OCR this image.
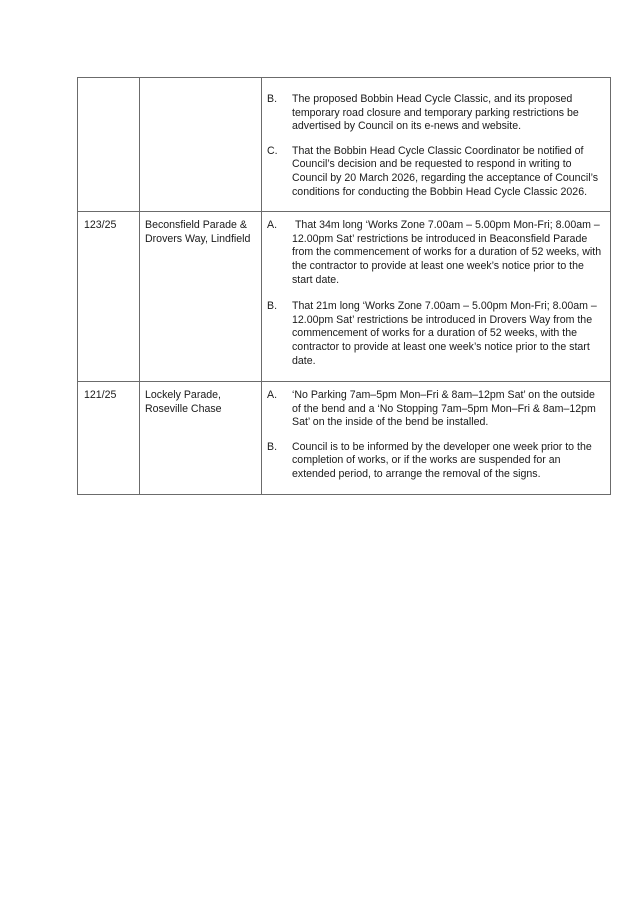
		B. The proposed Bobbin Head Cycle Classic, and its proposed temporary road closure and temporary parking restrictions be advertised by Council on its e-news and website.
C. That the Bobbin Head Cycle Classic Coordinator be notified of Council’s decision and be requested to respond in writing to Council by 20 March 2026, regarding the acceptance of Council’s conditions for conducting the Bobbin Head Cycle Classic 2026.

123/25	Beconsfield Parade & Drovers Way, Lindfield	A. That 34m long ‘Works Zone 7.00am – 5.00pm Mon-Fri; 8.00am – 12.00pm Sat’ restrictions be introduced in Beaconsfield Parade from the commencement of works for a duration of 52 weeks, with the contractor to provide at least one week’s notice prior to the start date.
B. That 21m long ‘Works Zone 7.00am – 5.00pm Mon-Fri; 8.00am – 12.00pm Sat’ restrictions be introduced in Drovers Way from the commencement of works for a duration of 52 weeks, with the contractor to provide at least one week’s notice prior to the start date.

121/25	Lockely Parade, Roseville Chase	A. ‘No Parking 7am–5pm Mon–Fri & 8am–12pm Sat’ on the outside of the bend and a ‘No Stopping 7am–5pm Mon–Fri & 8am–12pm Sat’ on the inside of the bend be installed.
B. Council is to be informed by the developer one week prior to the completion of works, or if the works are suspended for an extended period, to arrange the removal of the signs.
